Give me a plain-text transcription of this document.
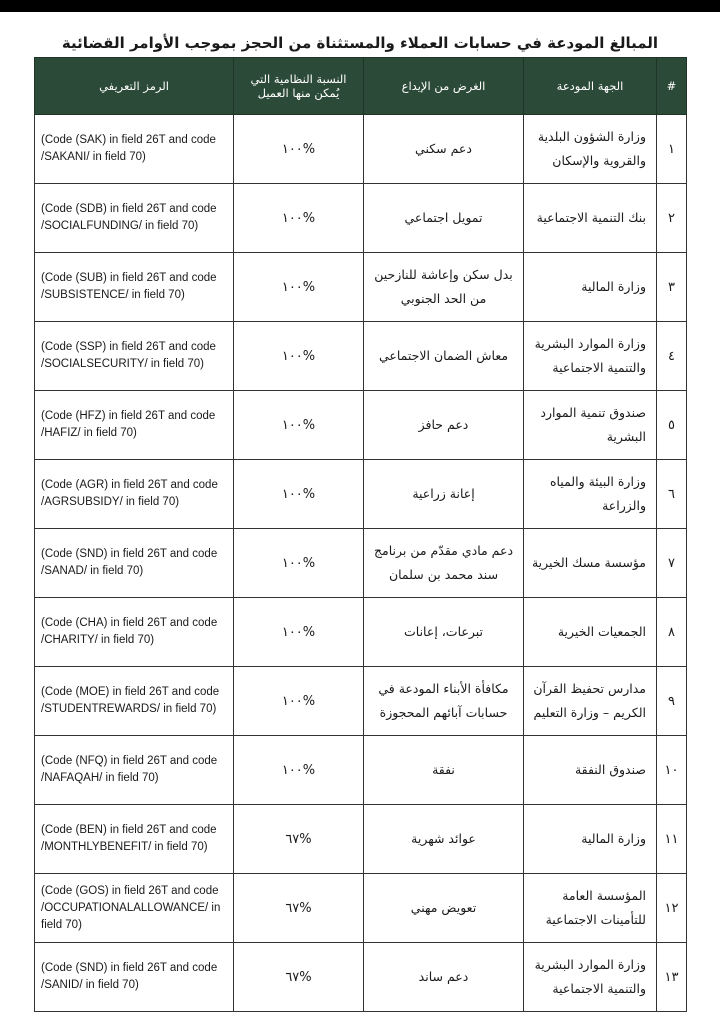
المبالغ المودعة في حسابات العملاء والمستثناة من الحجز بموجب الأوامر القضائية
#	الجهة المودعة	الغرض من الإيداع	النسبة النظامية التي
يُمكن منها العميل	الرمز التعريفي
١	وزارة الشؤون البلدية
والقروية والإسكان	دعم سكني	%١٠٠	(Code (SAK) in field 26T and code
/SAKANI/ in field 70)

٢	بنك التنمية الاجتماعية	تمويل اجتماعي	%١٠٠	(Code (SDB) in field 26T and code
/SOCIALFUNDING/ in field 70)

٣	وزارة المالية	بدل سكن وإعاشة للنازحين
من الحد الجنوبي	%١٠٠	(Code (SUB) in field 26T and code
/SUBSISTENCE/ in field 70)

٤	وزارة الموارد البشرية
والتنمية الاجتماعية	معاش الضمان الاجتماعي	%١٠٠	(Code (SSP) in field 26T and code
/SOCIALSECURITY/ in field 70)

٥	صندوق تنمية الموارد
البشرية	دعم حافز	%١٠٠	(Code (HFZ) in field 26T and code
/HAFIZ/ in field 70)

٦	وزارة البيئة والمياه
والزراعة	إعانة زراعية	%١٠٠	(Code (AGR) in field 26T and code
/AGRSUBSIDY/ in field 70)

٧	مؤسسة مسك الخيرية	دعم مادي مقدّم من برنامج
سند محمد بن سلمان	%١٠٠	(Code (SND) in field 26T and code
/SANAD/ in field 70)

٨	الجمعيات الخيرية	تبرعات، إعانات	%١٠٠	(Code (CHA) in field 26T and code
/CHARITY/ in field 70)

٩	مدارس تحفيظ القرآن
الكريم – وزارة التعليم	مكافأة الأبناء المودعة في
حسابات آبائهم المحجوزة	%١٠٠	(Code (MOE) in field 26T and code
/STUDENTREWARDS/ in field 70)

١٠	صندوق النفقة	نفقة	%١٠٠	(Code (NFQ) in field 26T and code
/NAFAQAH/ in field 70)

١١	وزارة المالية	عوائد شهرية	%٦٧	(Code (BEN) in field 26T and code
/MONTHLYBENEFIT/ in field 70)

١٢	المؤسسة العامة
للتأمينات الاجتماعية	تعويض مهني	%٦٧	(Code (GOS) in field 26T and code
/OCCUPATIONALALLOWANCE/ in
field 70)

١٣	وزارة الموارد البشرية
والتنمية الاجتماعية	دعم ساند	%٦٧	(Code (SND) in field 26T and code
/SANID/ in field 70)
